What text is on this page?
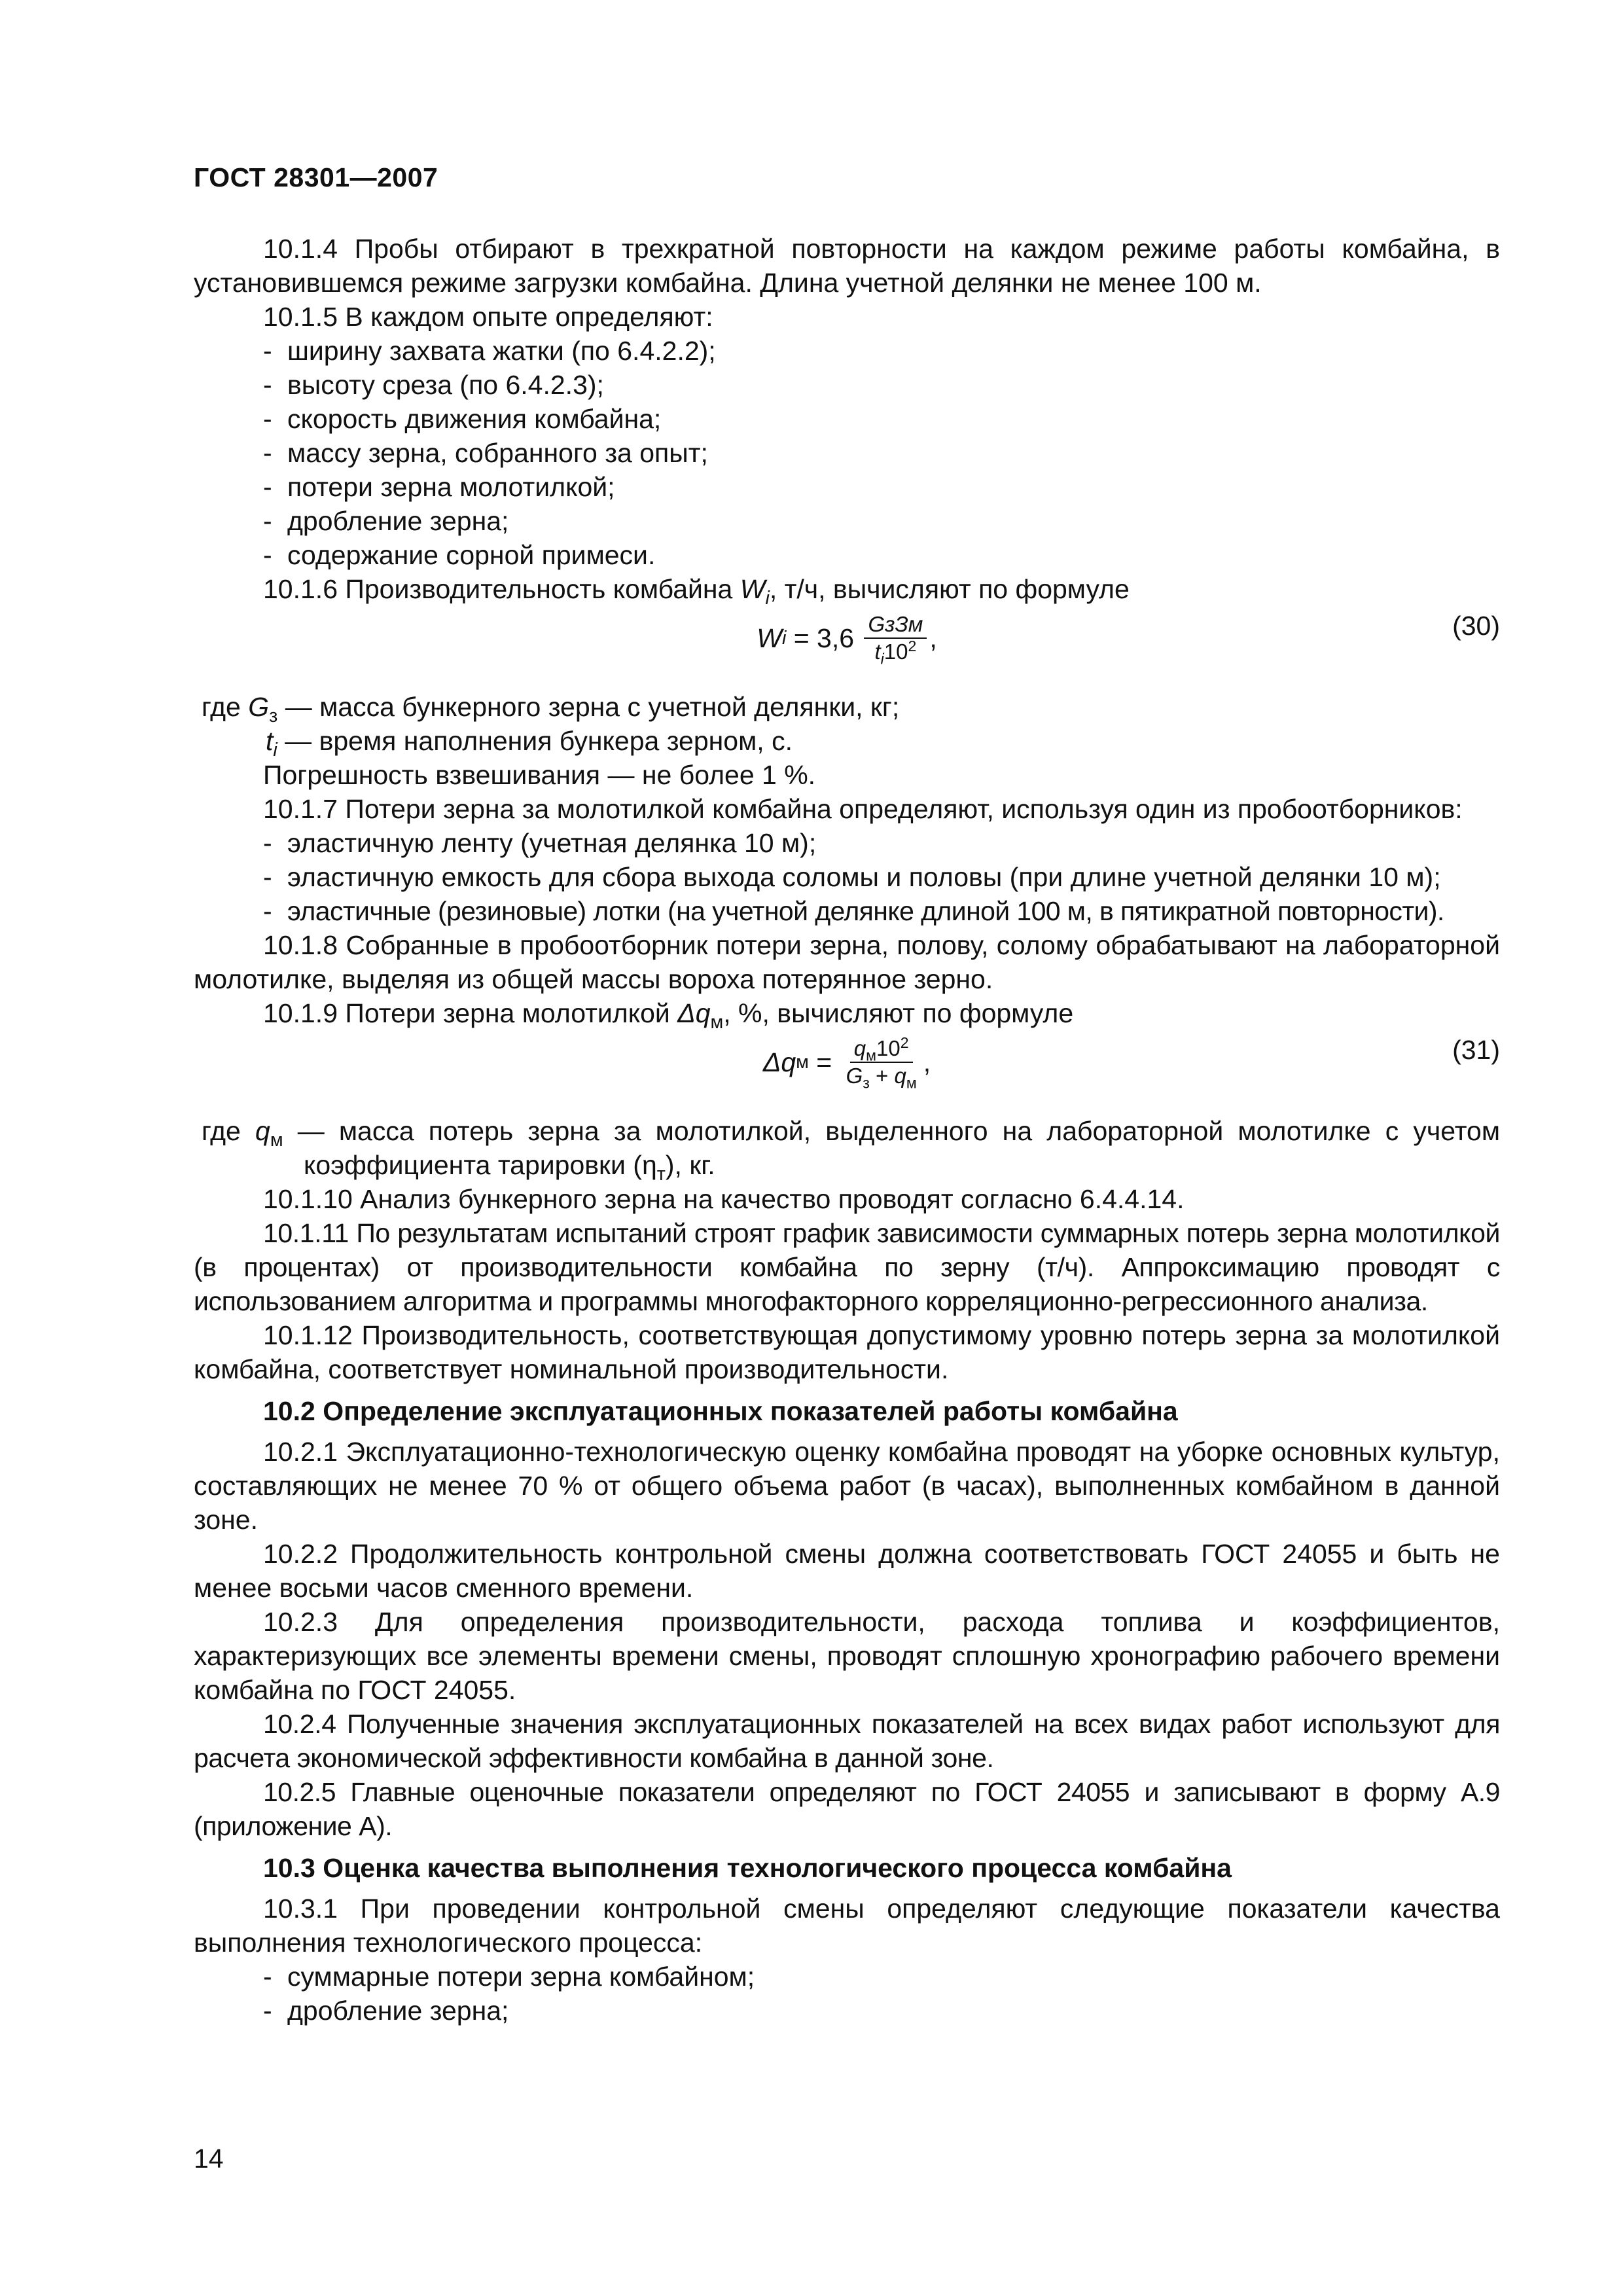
ГОСТ 28301—2007

10.1.4 Пробы отбирают в трехкратной повторности на каждом режиме работы комбайна, в установившемся режиме загрузки комбайна. Длина учетной делянки не менее 100 м.

10.1.5 В каждом опыте определяют:

- ширину захвата жатки (по 6.4.2.2);

- высоту среза (по 6.4.2.3);

- скорость движения комбайна;

- массу зерна, собранного за опыт;

- потери зерна молотилкой;

- дробление зерна;

- содержание сорной примеси.

10.1.6 Производительность комбайна $W_i$, т/ч, вычисляют по формуле

W $i = 3,6 \frac{\text{GзЗм}}{t_i10^2}$ ,	(30)

где $G_з$ — масса бункерного зерна с учетной делянки, кг;

$t_i$ — время наполнения бункера зерном, с.

Погрешность взвешивания — не более 1 %.

10.1.7 Потери зерна за молотилкой комбайна определяют, используя один из пробоотборников:

- эластичную ленту (учетная делянка 10 м);

- эластичную емкость для сбора выхода соломы и половы (при длине учетной делянки 10 м);

- эластичные (резиновые) лотки (на учетной делянке длиной 100 м, в пятикратной повторности).

10.1.8 Собранные в пробоотборник потери зерна, полову, солому обрабатывают на лабораторной молотилке, выделяя из общей массы вороха потерянное зерно.

10.1.9 Потери зерна молотилкой $\Delta q_м$, %, вычисляют по формуле

Δq $м = \frac{q_м10^2}{G_з + q_м}$ ,	(31)

где $q_м$ — масса потерь зерна за молотилкой, выделенного на лабораторной молотилке с учетом коэффициента тарировки $(\eta_т)$, кг.

10.1.10 Анализ бункерного зерна на качество проводят согласно 6.4.4.14.

10.1.11 По результатам испытаний строят график зависимости суммарных потерь зерна молотилкой (в процентах) от производительности комбайна по зерну (т/ч). Аппроксимацию проводят с использованием алгоритма и программы многофакторного корреляционно-регрессионного анализа.

10.1.12 Производительность, соответствующая допустимому уровню потерь зерна за молотилкой комбайна, соответствует номинальной производительности.

10.2 Определение эксплуатационных показателей работы комбайна

10.2.1 Эксплуатационно-технологическую оценку комбайна проводят на уборке основных культур, составляющих не менее 70 % от общего объема работ (в часах), выполненных комбайном в данной зоне.

10.2.2 Продолжительность контрольной смены должна соответствовать ГОСТ 24055 и быть не менее восьми часов сменного времени.

10.2.3 Для определения производительности, расхода топлива и коэффициентов, характеризующих все элементы времени смены, проводят сплошную хронографию рабочего времени комбайна по ГОСТ 24055.

10.2.4 Полученные значения эксплуатационных показателей на всех видах работ используют для расчета экономической эффективности комбайна в данной зоне.

10.2.5 Главные оценочные показатели определяют по ГОСТ 24055 и записывают в форму А.9 (приложение А).

10.3 Оценка качества выполнения технологического процесса комбайна

10.3.1 При проведении контрольной смены определяют следующие показатели качества выполнения технологического процесса:

- суммарные потери зерна комбайном;

- дробление зерна;

14
